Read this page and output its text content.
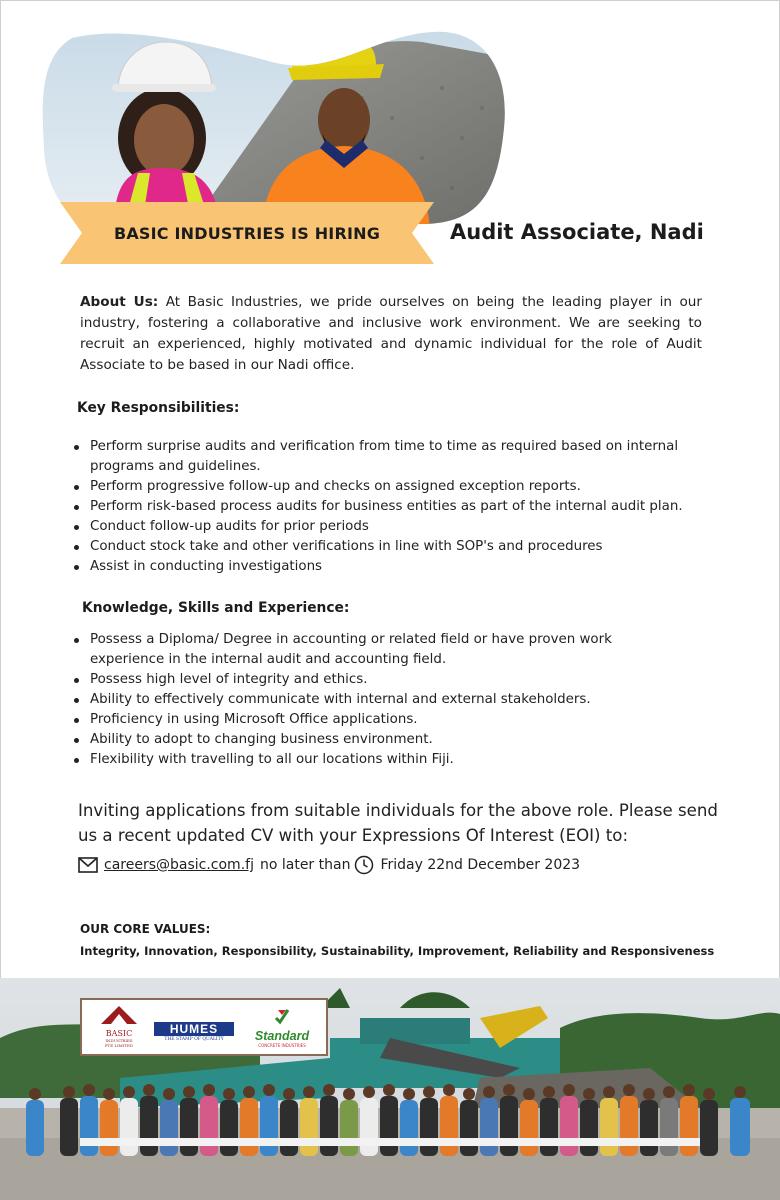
BASIC INDUSTRIES IS HIRING	Audit Associate, Nadi
About Us: At Basic Industries, we pride ourselves on being the leading player in our industry, fostering a collaborative and inclusive work environment. We are seeking to recruit an experienced, highly motivated and dynamic individual for the role of Audit Associate to be based in our Nadi office.
Key Responsibilities:
Perform surprise audits and verification from time to time as required based on internal programs and guidelines.
Perform progressive follow-up and checks on assigned exception reports.
Perform risk-based process audits for business entities as part of the internal audit plan.
Conduct follow-up audits for prior periods
Conduct stock take and other verifications in line with SOP's and procedures
Assist in conducting investigations
Knowledge, Skills and Experience:
Possess a Diploma/ Degree in accounting or related field or have proven work experience in the internal audit and accounting field.
Possess high level of integrity and ethics.
Ability to effectively communicate with internal and external stakeholders.
Proficiency in using Microsoft Office applications.
Ability to adopt to changing business environment.
Flexibility with travelling to all our locations within Fiji.
Inviting applications from suitable individuals for the above role. Please send us a recent updated CV with your Expressions Of Interest (EOI) to:
careers@basic.com.fj no later than Friday 22nd December 2023
OUR CORE VALUES:
Integrity, Innovation, Responsibility, Sustainability, Improvement, Reliability and Responsiveness
BASIC
INDUSTRIES
PTE LIMITED
HUMES
THE STAMP OF QUALITY	Standard
CONCRETE INDUSTRIES
